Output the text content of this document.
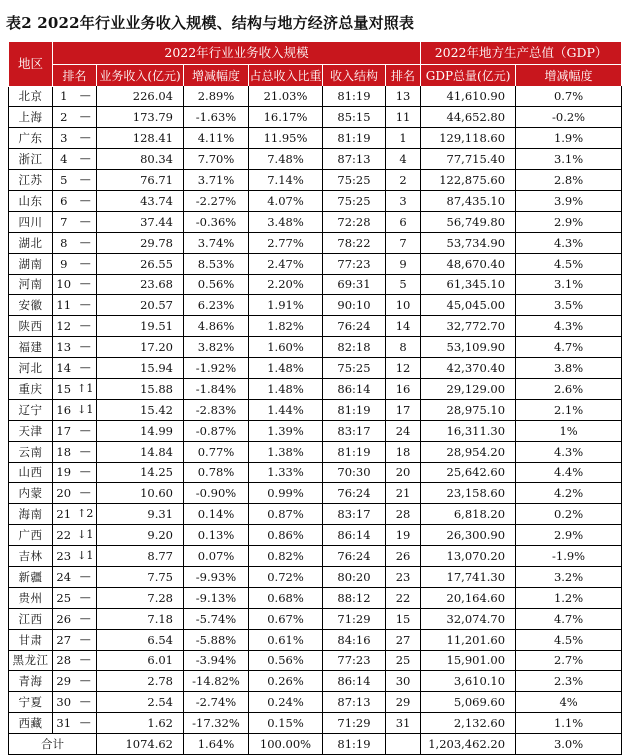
表2 2022年行业业务收入规模、结构与地方经济总量对照表
地区	2022年行业业务收入规模							2022年地方生产总值（GDP）	
	排名		业务收入(亿元)	增减幅度	占总收入比重	收入结构	排名	GDP总量(亿元)	增减幅度
北京	1	—	226.04	2.89%	21.03%	81:19	13	41,610.90	0.7%
上海	2	—	173.79	-1.63%	16.17%	85:15	11	44,652.80	-0.2%
广东	3	—	128.41	4.11%	11.95%	81:19	1	129,118.60	1.9%
浙江	4	—	80.34	7.70%	7.48%	87:13	4	77,715.40	3.1%
江苏	5	—	76.71	3.71%	7.14%	75:25	2	122,875.60	2.8%
山东	6	—	43.74	-2.27%	4.07%	75:25	3	87,435.10	3.9%
四川	7	—	37.44	-0.36%	3.48%	72:28	6	56,749.80	2.9%
湖北	8	—	29.78	3.74%	2.77%	78:22	7	53,734.90	4.3%
湖南	9	—	26.55	8.53%	2.47%	77:23	9	48,670.40	4.5%
河南	10	—	23.68	0.56%	2.20%	69:31	5	61,345.10	3.1%
安徽	11	—	20.57	6.23%	1.91%	90:10	10	45,045.00	3.5%
陕西	12	—	19.51	4.86%	1.82%	76:24	14	32,772.70	4.3%
福建	13	—	17.20	3.82%	1.60%	82:18	8	53,109.90	4.7%
河北	14	—	15.94	-1.92%	1.48%	75:25	12	42,370.40	3.8%
重庆	15	↑1	15.88	-1.84%	1.48%	86:14	16	29,129.00	2.6%
辽宁	16	↓1	15.42	-2.83%	1.44%	81:19	17	28,975.10	2.1%
天津	17	—	14.99	-0.87%	1.39%	83:17	24	16,311.30	1%
云南	18	—	14.84	0.77%	1.38%	81:19	18	28,954.20	4.3%
山西	19	—	14.25	0.78%	1.33%	70:30	20	25,642.60	4.4%
内蒙	20	—	10.60	-0.90%	0.99%	76:24	21	23,158.60	4.2%
海南	21	↑2	9.31	0.14%	0.87%	83:17	28	6,818.20	0.2%
广西	22	↓1	9.20	0.13%	0.86%	86:14	19	26,300.90	2.9%
吉林	23	↓1	8.77	0.07%	0.82%	76:24	26	13,070.20	-1.9%
新疆	24	—	7.75	-9.93%	0.72%	80:20	23	17,741.30	3.2%
贵州	25	—	7.28	-9.13%	0.68%	88:12	22	20,164.60	1.2%
江西	26	—	7.18	-5.74%	0.67%	71:29	15	32,074.70	4.7%
甘肃	27	—	6.54	-5.88%	0.61%	84:16	27	11,201.60	4.5%
黑龙江	28	—	6.01	-3.94%	0.56%	77:23	25	15,901.00	2.7%
青海	29	—	2.78	-14.82%	0.26%	86:14	30	3,610.10	2.3%
宁夏	30	—	2.54	-2.74%	0.24%	87:13	29	5,069.60	4%
西藏	31	—	1.62	-17.32%	0.15%	71:29	31	2,132.60	1.1%
合计			1074.62	1.64%	100.00%	81:19		1,203,462.20	3.0%
